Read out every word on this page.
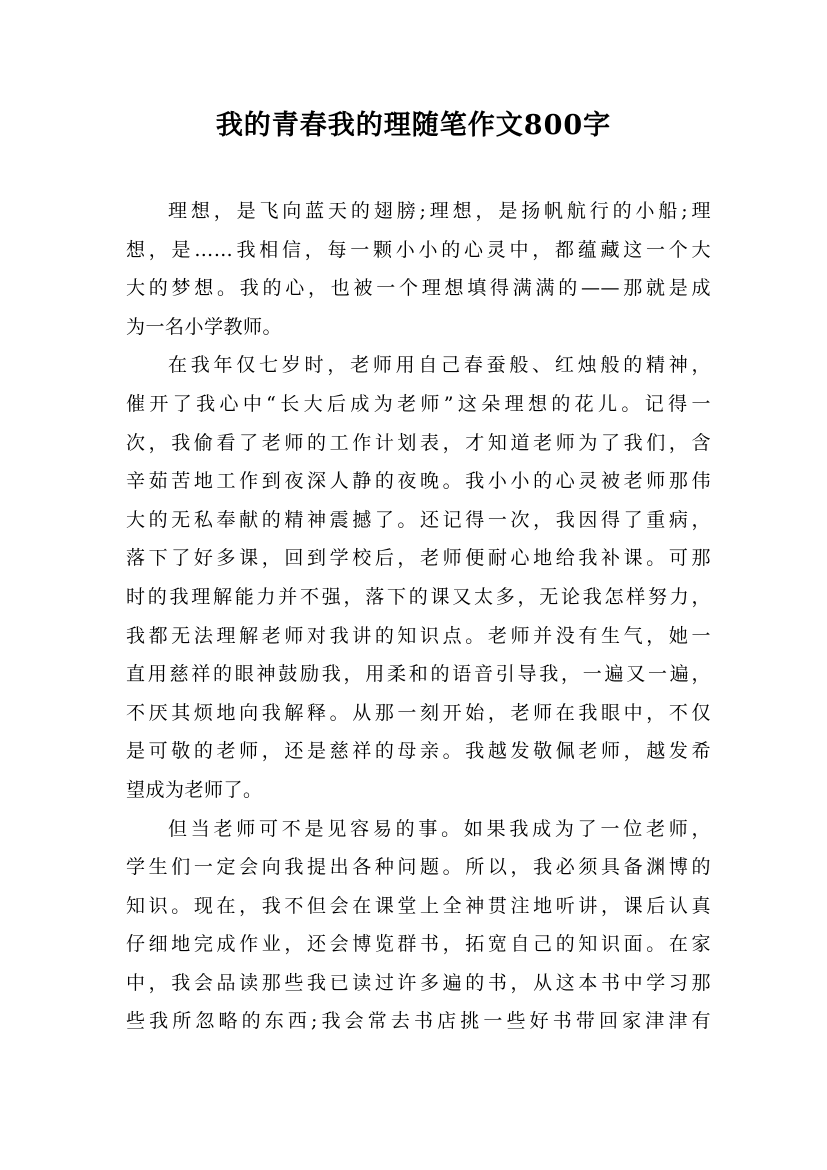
我的青春我的理随笔作文800字
理想，是飞向蓝天的翅膀;理想，是扬帆航行的小船;理
想，是……我相信，每一颗小小的心灵中，都蕴藏这一个大
大的梦想。我的心，也被一个理想填得满满的——那就是成
为一名小学教师。
在我年仅七岁时，老师用自己春蚕般、红烛般的精神，
催开了我心中“长大后成为老师”这朵理想的花儿。记得一
次，我偷看了老师的工作计划表，才知道老师为了我们，含
辛茹苦地工作到夜深人静的夜晚。我小小的心灵被老师那伟
大的无私奉献的精神震撼了。还记得一次，我因得了重病，
落下了好多课，回到学校后，老师便耐心地给我补课。可那
时的我理解能力并不强，落下的课又太多，无论我怎样努力，
我都无法理解老师对我讲的知识点。老师并没有生气，她一
直用慈祥的眼神鼓励我，用柔和的语音引导我，一遍又一遍，
不厌其烦地向我解释。从那一刻开始，老师在我眼中，不仅
是可敬的老师，还是慈祥的母亲。我越发敬佩老师，越发希
望成为老师了。
但当老师可不是见容易的事。如果我成为了一位老师，
学生们一定会向我提出各种问题。所以，我必须具备渊博的
知识。现在，我不但会在课堂上全神贯注地听讲，课后认真
仔细地完成作业，还会博览群书，拓宽自己的知识面。在家
中，我会品读那些我已读过许多遍的书，从这本书中学习那
些我所忽略的东西;我会常去书店挑一些好书带回家津津有
